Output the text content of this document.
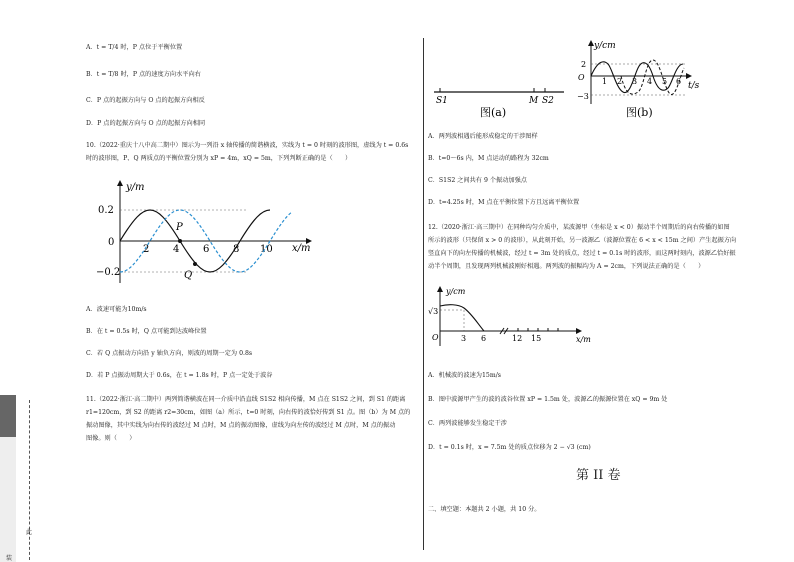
此
装
A．t = T/4 时，P 点位于平衡位置
B．t = T/8 时，P 点的速度方向水平向右
C．P 点的起振方向与 O 点的起振方向相反
D．P 点的起振方向与 O 点的起振方向相同
10.（2022·重庆十八中高二期中）图示为一列沿 x 轴传播的简谐横波，实线为 t = 0 时刻的波形图，虚线为 t = 0.6s
时的波形图，P、Q 两质点的平衡位置分别为 xP = 4m，xQ = 5m，下列判断正确的是（　　）
y/m
x/m
0.2
0
−0.2
2 4 6 8 10
P
Q
A．波速可能为10m/s
B．在 t = 0.5s 时，Q 点可能到达波峰位置
C．若 Q 点振动方向沿 y 轴负方向，则波的周期一定为 0.8s
D．若 P 点振动周期大于 0.6s，在 t = 1.8s 时，P 点一定处于波谷
11.（2022·浙江·高二期中）两列简谐横波在同一介质中沿直线 S1S2 相向传播，M 点在 S1S2 之间，到 S1 的距离
r1=120cm，到 S2 的距离 r2=30cm，如图（a）所示，t=0 时刻，向右传的波恰好传到 S1 点。图（b）为 M 点的
振动图像，其中实线为向右传的波经过 M 点时，M 点的振动图像，虚线为向左传的波经过 M 点时，M 点的振动
图像。则（　　）
S1	M S2
图(a)
y/cm
t/s
2
O
−3
1 2 3 4 5 6
图(b)
A．两列波相遇后能形成稳定的干涉图样
B．t=0～6s 内，M 点运动的路程为 32cm
C．S1S2 之间共有 9 个振动加强点
D．t=4.25s 时，M 点在平衡位置下方且远离平衡位置
12.（2020·浙江·高三期中）在同种均匀介质中，某波源甲（坐标是 x < 0）振动半个周期后的向右传播的如图
所示的波形（只保留 x > 0 的波形），从此刻开始，另一波源乙（波源位置在 6 < x < 15m 之间）产生起振方向
竖直向下的向左传播的机械波，经过 t = 3m 处的质点，经过 t = 0.1s 时的波形，而这两时刻内，波源乙恰好振
动半个周期，且发现两列机械波刚好相遇。两列波的振幅均为 A = 2cm，下列说法正确的是（　　）
y/cm
√3
O	x/m
3 6	12 15
A．机械波的波速为15m/s
B．图中波源甲产生的波的波谷位置 xP = 1.5m 处，波源乙的振源位置在 xQ = 9m 处
C．两列波能够发生稳定干涉
D．t = 0.1s 时，x = 7.5m 处的质点位移为 2 − √3 (cm)
第 II 卷
二、填空题：本题共 2 小题，共 10 分。
